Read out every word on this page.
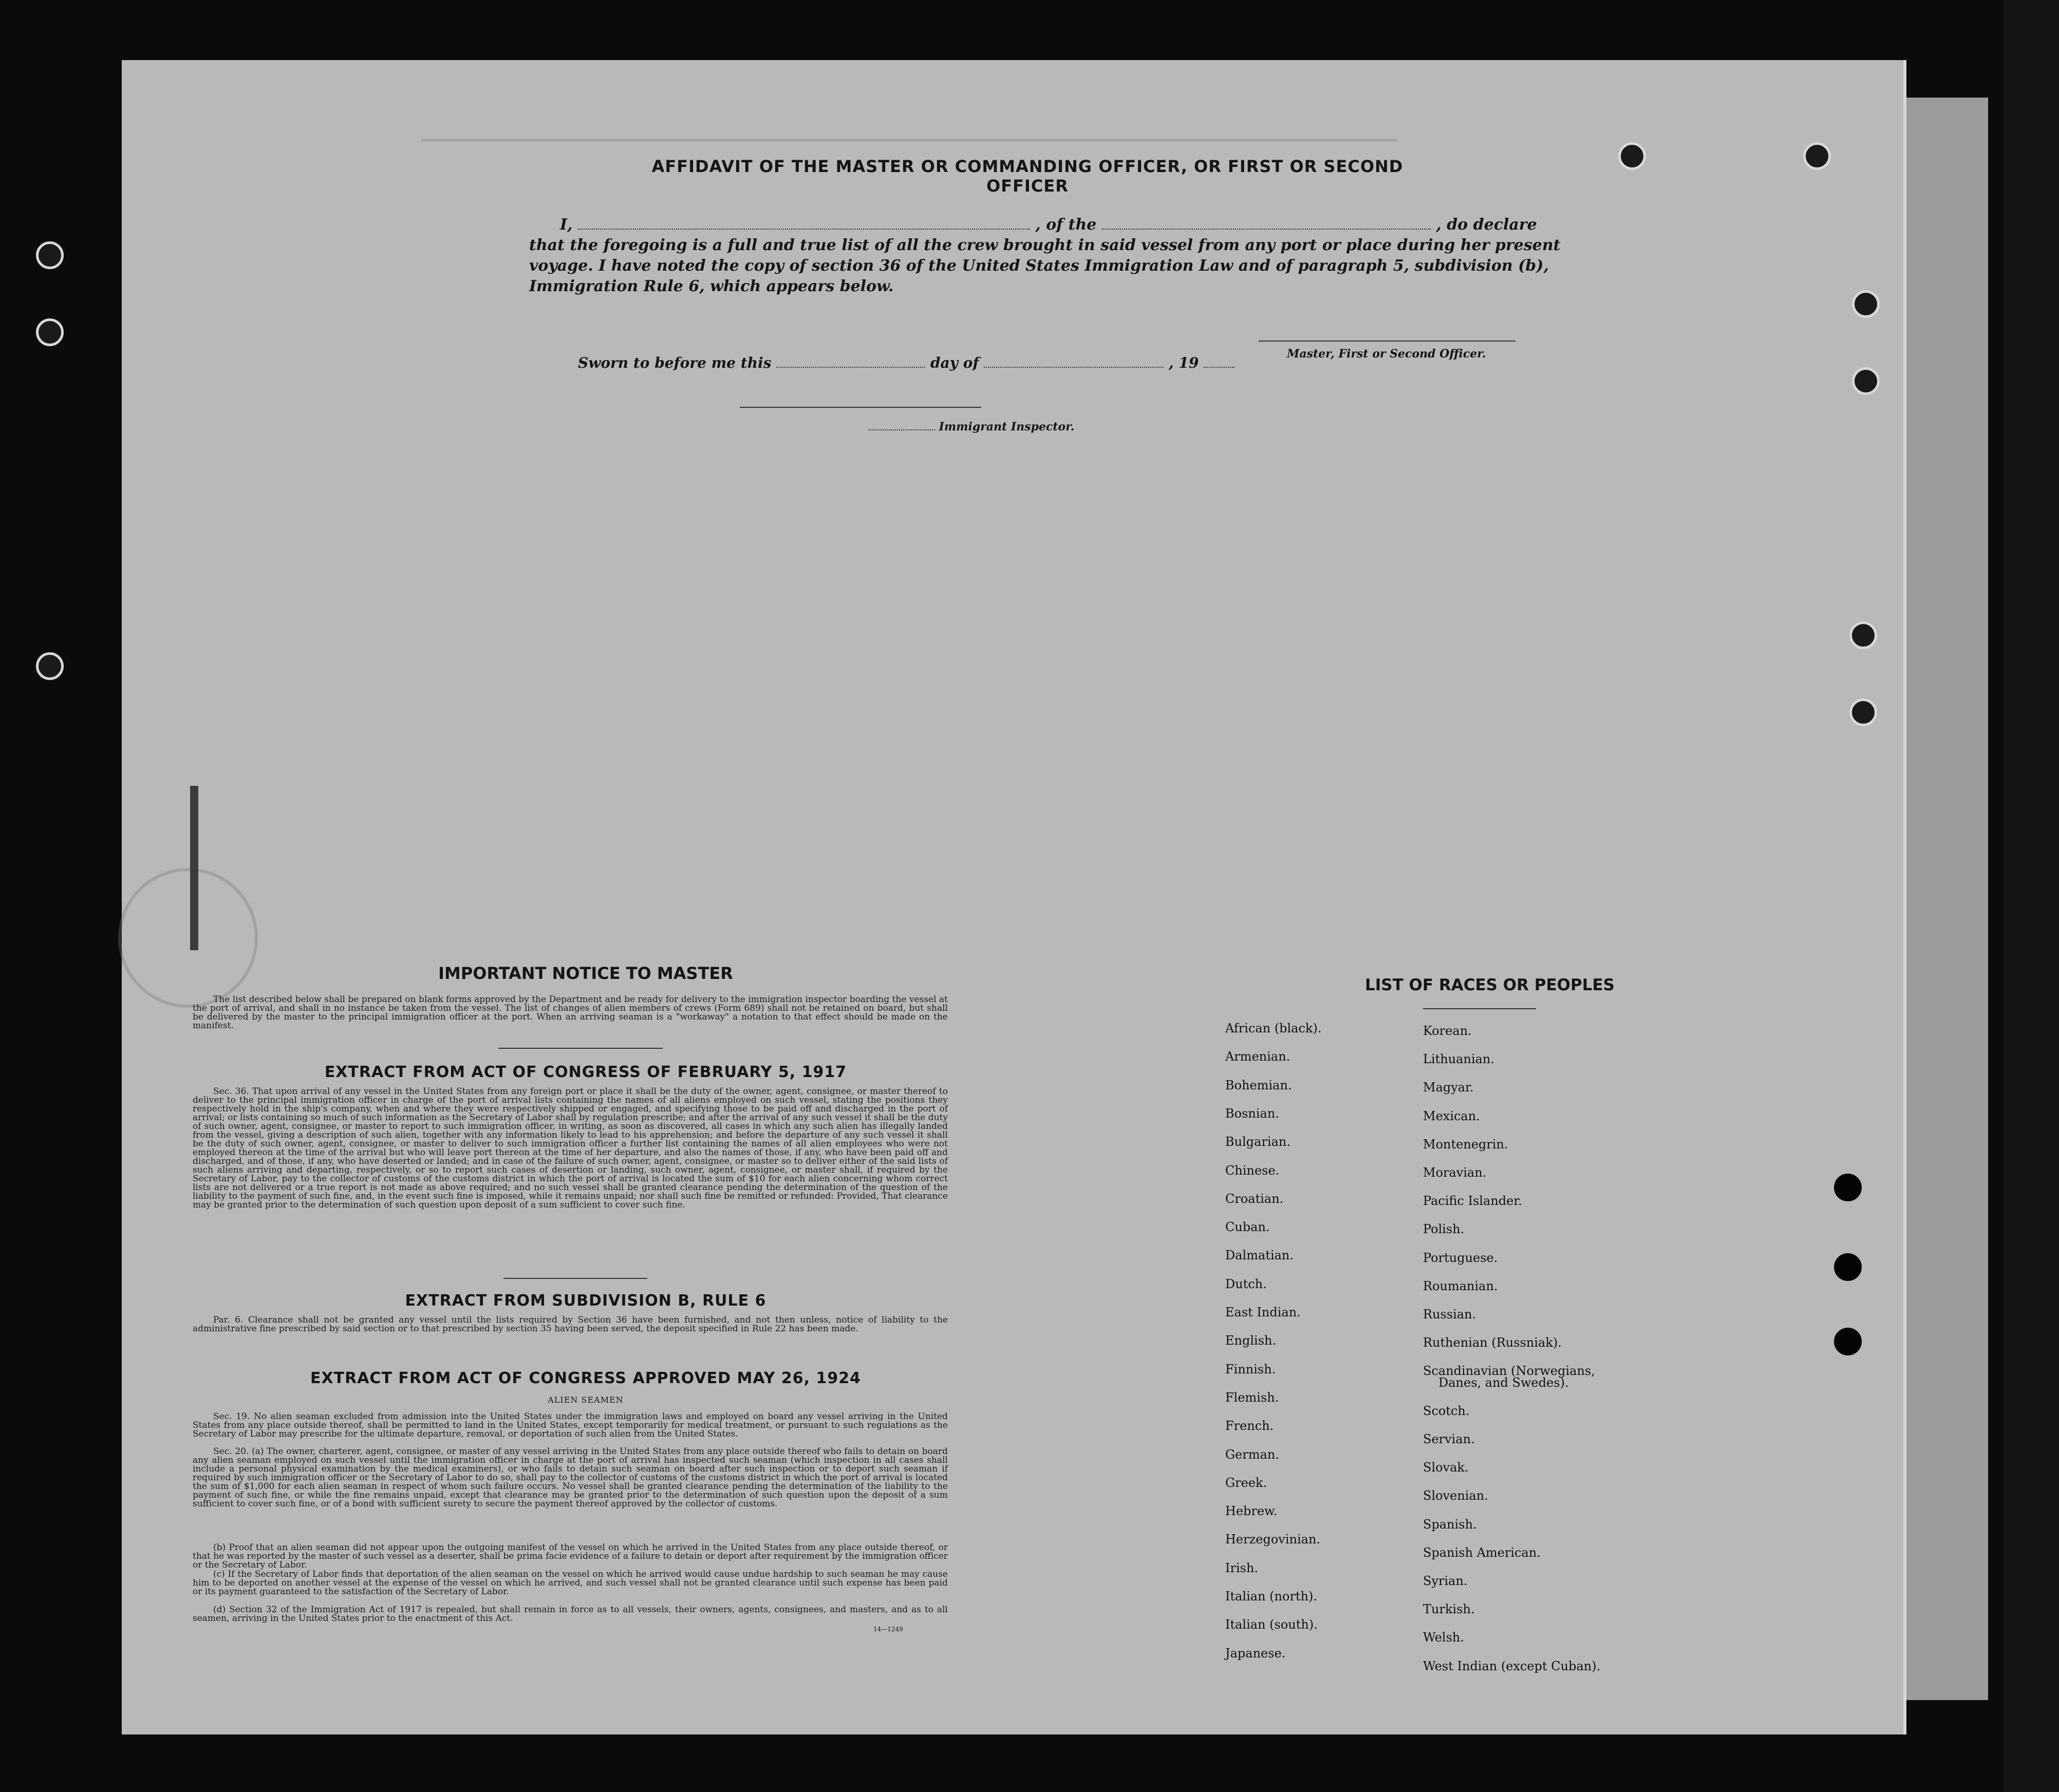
AFFIDAVIT OF THE MASTER OR COMMANDING OFFICER, OR FIRST OR SECOND OFFICER
I,	, of the	, do declare
that the foregoing is a full and true list of all the crew brought in said vessel from any port or place during her present
voyage. I have noted the copy of section 36 of the United States Immigration Law and of paragraph 5, subdivision (b),
Immigration Rule 6, which appears below.
Master, First or Second Officer.
Sworn to before me this	day of	, 19
Immigrant Inspector.
IMPORTANT NOTICE TO MASTER
The list described below shall be prepared on blank forms approved by the Department and be ready for delivery to the immigration inspector boarding the vessel at the port of arrival, and shall in no instance be taken from the vessel. The list of changes of alien members of crews (Form 689) shall not be retained on board, but shall be delivered by the master to the principal immigration officer at the port. When an arriving seaman is a "workaway" a notation to that effect should be made on the manifest.
EXTRACT FROM ACT OF CONGRESS OF FEBRUARY 5, 1917
Sec. 36. That upon arrival of any vessel in the United States from any foreign port or place it shall be the duty of the owner, agent, consignee, or master thereof to deliver to the principal immigration officer in charge of the port of arrival lists containing the names of all aliens employed on such vessel, stating the positions they respectively hold in the ship's company, when and where they were respectively shipped or engaged, and specifying those to be paid off and discharged in the port of arrival; or lists containing so much of such information as the Secretary of Labor shall by regulation prescribe; and after the arrival of any such vessel it shall be the duty of such owner, agent, consignee, or master to report to such immigration officer, in writing, as soon as discovered, all cases in which any such alien has illegally landed from the vessel, giving a description of such alien, together with any information likely to lead to his apprehension; and before the departure of any such vessel it shall be the duty of such owner, agent, consignee, or master to deliver to such immigration officer a further list containing the names of all alien employees who were not employed thereon at the time of the arrival but who will leave port thereon at the time of her departure, and also the names of those, if any, who have been paid off and discharged, and of those, if any, who have deserted or landed; and in case of the failure of such owner, agent, consignee, or master so to deliver either of the said lists of such aliens arriving and departing, respectively, or so to report such cases of desertion or landing, such owner, agent, consignee, or master shall, if required by the Secretary of Labor, pay to the collector of customs of the customs district in which the port of arrival is located the sum of $10 for each alien concerning whom correct lists are not delivered or a true report is not made as above required; and no such vessel shall be granted clearance pending the determination of the question of the liability to the payment of such fine, and, in the event such fine is imposed, while it remains unpaid; nor shall such fine be remitted or refunded: Provided, That clearance may be granted prior to the determination of such question upon deposit of a sum sufficient to cover such fine.
EXTRACT FROM SUBDIVISION B, RULE 6
Par. 6. Clearance shall not be granted any vessel until the lists required by Section 36 have been furnished, and not then unless, notice of liability to the administrative fine prescribed by said section or to that prescribed by section 35 having been served, the deposit specified in Rule 22 has been made.
EXTRACT FROM ACT OF CONGRESS APPROVED MAY 26, 1924
ALIEN SEAMEN
Sec. 19. No alien seaman excluded from admission into the United States under the immigration laws and employed on board any vessel arriving in the United States from any place outside thereof, shall be permitted to land in the United States, except temporarily for medical treatment, or pursuant to such regulations as the Secretary of Labor may prescribe for the ultimate departure, removal, or deportation of such alien from the United States.
Sec. 20. (a) The owner, charterer, agent, consignee, or master of any vessel arriving in the United States from any place outside thereof who fails to detain on board any alien seaman employed on such vessel until the immigration officer in charge at the port of arrival has inspected such seaman (which inspection in all cases shall include a personal physical examination by the medical examiners), or who fails to detain such seaman on board after such inspection or to deport such seaman if required by such immigration officer or the Secretary of Labor to do so, shall pay to the collector of customs of the customs district in which the port of arrival is located the sum of $1,000 for each alien seaman in respect of whom such failure occurs. No vessel shall be granted clearance pending the determination of the liability to the payment of such fine, or while the fine remains unpaid, except that clearance may be granted prior to the determination of such question upon the deposit of a sum sufficient to cover such fine, or of a bond with sufficient surety to secure the payment thereof approved by the collector of customs.
(b) Proof that an alien seaman did not appear upon the outgoing manifest of the vessel on which he arrived in the United States from any place outside thereof, or that he was reported by the master of such vessel as a deserter, shall be prima facie evidence of a failure to detain or deport after requirement by the immigration officer or the Secretary of Labor.
(c) If the Secretary of Labor finds that deportation of the alien seaman on the vessel on which he arrived would cause undue hardship to such seaman he may cause him to be deported on another vessel at the expense of the vessel on which he arrived, and such vessel shall not be granted clearance until such expense has been paid or its payment guaranteed to the satisfaction of the Secretary of Labor.
(d) Section 32 of the Immigration Act of 1917 is repealed, but shall remain in force as to all vessels, their owners, agents, consignees, and masters, and as to all seamen, arriving in the United States prior to the enactment of this Act.
14—1249
LIST OF RACES OR PEOPLES
African (black).
Armenian.
Bohemian.
Bosnian.
Bulgarian.
Chinese.
Croatian.
Cuban.
Dalmatian.
Dutch.
East Indian.
English.
Finnish.
Flemish.
French.
German.
Greek.
Hebrew.
Herzegovinian.
Irish.
Italian (north).
Italian (south).
Japanese.
Korean.
Lithuanian.
Magyar.
Mexican.
Montenegrin.
Moravian.
Pacific Islander.
Polish.
Portuguese.
Roumanian.
Russian.
Ruthenian (Russniak).
Scandinavian (Norwegians,
Danes, and Swedes).
Scotch.
Servian.
Slovak.
Slovenian.
Spanish.
Spanish American.
Syrian.
Turkish.
Welsh.
West Indian (except Cuban).
